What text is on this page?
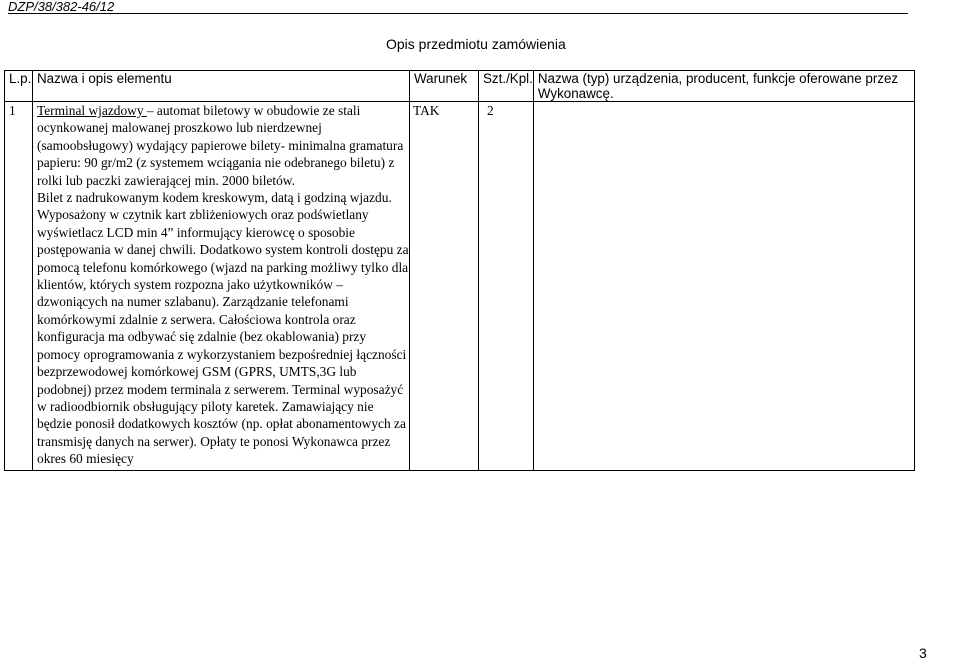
DZP/38/382-46/12
Opis przedmiotu zamówienia
L.p.	Nazwa i opis elementu	Warunek	Szt./Kpl.	Nazwa (typ) urządzenia, producent, funkcje oferowane przez Wykonawcę.
1	Terminal wjazdowy – automat biletowy w obudowie ze stali ocynkowanej malowanej proszkowo lub nierdzewnej (samoobsługowy) wydający papierowe bilety- minimalna gramatura papieru: 90 gr/m2 (z systemem wciągania nie odebranego biletu) z rolki lub paczki zawierającej min. 2000 biletów.
Bilet z nadrukowanym kodem kreskowym, datą i godziną wjazdu. Wyposażony w czytnik kart zbliżeniowych oraz podświetlany wyświetlacz LCD min 4” informujący kierowcę o sposobie postępowania w danej chwili. Dodatkowo system kontroli dostępu za pomocą telefonu komórkowego (wjazd na parking możliwy tylko dla klientów, których system rozpozna jako użytkowników – dzwoniących na numer szlabanu). Zarządzanie telefonami komórkowymi zdalnie z serwera. Całościowa kontrola oraz konfiguracja ma odbywać się zdalnie (bez okablowania) przy pomocy oprogramowania z wykorzystaniem bezpośredniej łączności bezprzewodowej komórkowej GSM (GPRS, UMTS,3G lub podobnej) przez modem terminala z serwerem. Terminal wyposażyć w radioodbiornik obsługujący piloty karetek. Zamawiający nie będzie ponosił dodatkowych kosztów (np. opłat abonamentowych za transmisję danych na serwer). Opłaty te ponosi Wykonawca przez okres 60 miesięcy	TAK	2	
3
